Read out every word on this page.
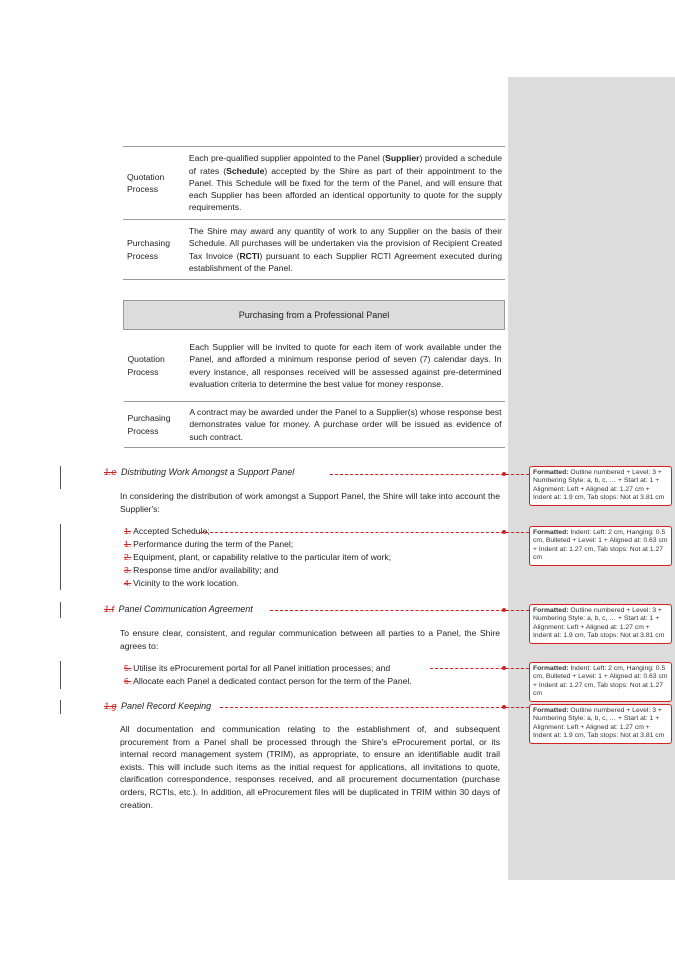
Quotation Process	Each pre-qualified supplier appointed to the Panel (Supplier) provided a schedule of rates (Schedule) accepted by the Shire as part of their appointment to the Panel. This Schedule will be fixed for the term of the Panel, and will ensure that each Supplier has been afforded an identical opportunity to quote for the supply requirements.
Purchasing Process	The Shire may award any quantity of work to any Supplier on the basis of their Schedule. All purchases will be undertaken via the provision of Recipient Created Tax Invoice (RCTI) pursuant to each Supplier RCTI Agreement executed during establishment of the Panel.
Purchasing from a Professional Panel	
Quotation Process	Each Supplier will be invited to quote for each item of work available under the Panel, and afforded a minimum response period of seven (7) calendar days. In every instance, all responses received will be assessed against pre-determined evaluation criteria to determine the best value for money response.
Purchasing Process	A contract may be awarded under the Panel to a Supplier(s) whose response best demonstrates value for money. A purchase order will be issued as evidence of such contract.
1.e Distributing Work Amongst a Support Panel
In considering the distribution of work amongst a Support Panel, the Shire will take into account the Supplier's:
1. Accepted Schedule;
1. Performance during the term of the Panel;
2. Equipment, plant, or capability relative to the particular item of work;
3. Response time and/or availability; and
4. Vicinity to the work location.
1.f Panel Communication Agreement
To ensure clear, consistent, and regular communication between all parties to a Panel, the Shire agrees to:
5. Utilise its eProcurement portal for all Panel initiation processes; and
6. Allocate each Panel a dedicated contact person for the term of the Panel.
1.g Panel Record Keeping
All documentation and communication relating to the establishment of, and subsequent procurement from a Panel shall be processed through the Shire's eProcurement portal, or its internal record management system (TRIM), as appropriate, to ensure an identifiable audit trail exists. This will include such items as the initial request for applications, all invitations to quote, clarification correspondence, responses received, and all procurement documentation (purchase orders, RCTIs, etc.). In addition, all eProcurement files will be duplicated in TRIM within 30 days of creation.
Formatted: Outline numbered + Level: 3 + Numbering Style: a, b, c, … + Start at: 1 + Alignment: Left + Aligned at: 1.27 cm + Indent at: 1.9 cm, Tab stops: Not at 3.81 cm
Formatted: Indent: Left: 2 cm, Hanging: 0.5 cm, Bulleted + Level: 1 + Aligned at: 0.63 cm + Indent at: 1.27 cm, Tab stops: Not at 1.27 cm
Formatted: Outline numbered + Level: 3 + Numbering Style: a, b, c, … + Start at: 1 + Alignment: Left + Aligned at: 1.27 cm + Indent at: 1.9 cm, Tab stops: Not at 3.81 cm
Formatted: Indent: Left: 2 cm, Hanging: 0.5 cm, Bulleted + Level: 1 + Aligned at: 0.63 cm + Indent at: 1.27 cm, Tab stops: Not at 1.27 cm
Formatted: Outline numbered + Level: 3 + Numbering Style: a, b, c, … + Start at: 1 + Alignment: Left + Aligned at: 1.27 cm + Indent at: 1.9 cm, Tab stops: Not at 3.81 cm
